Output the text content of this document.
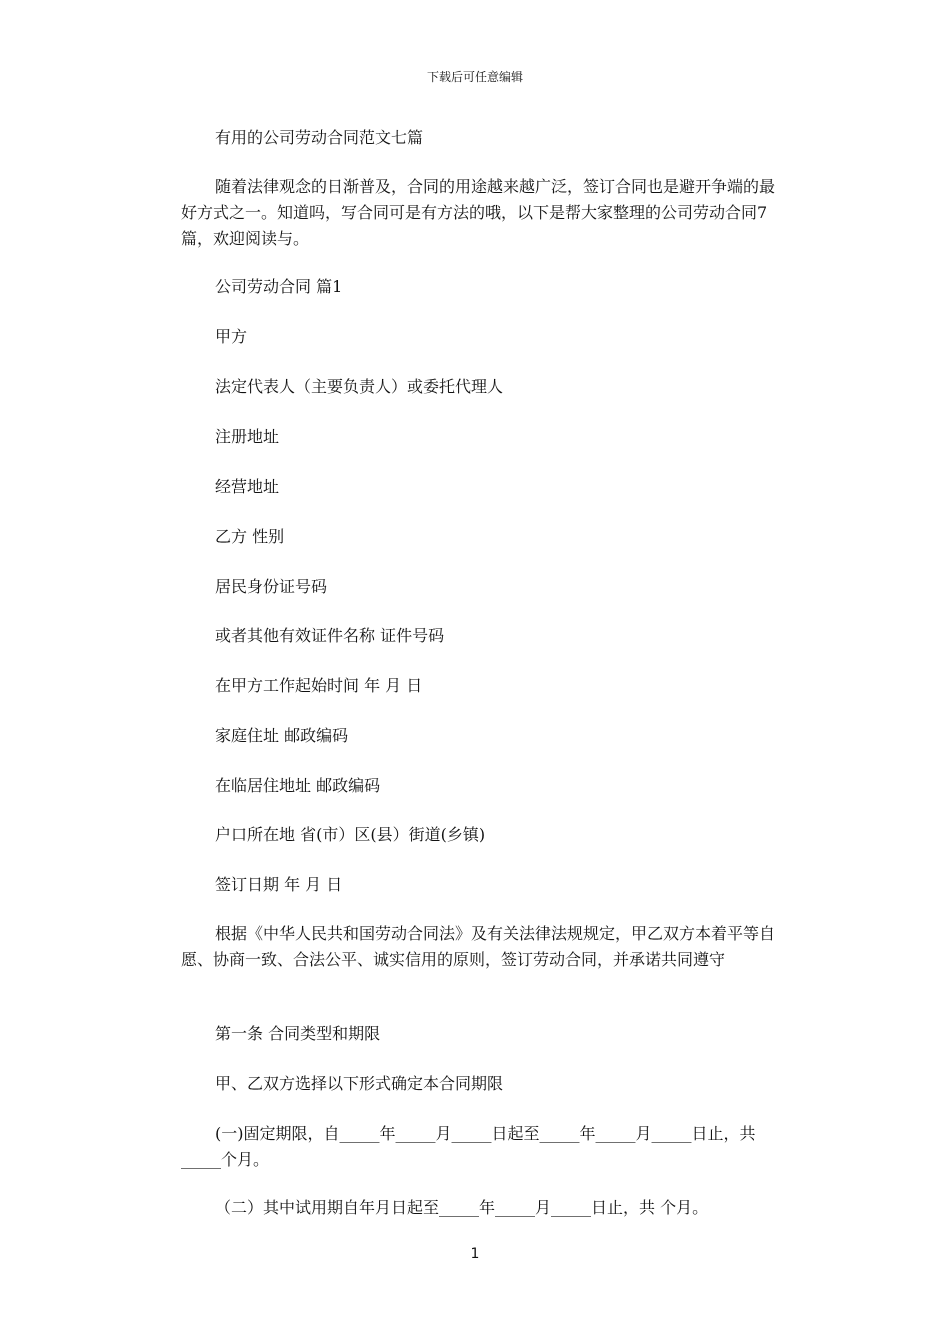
下载后可任意编辑
有用的公司劳动合同范文七篇
随着法律观念的日渐普及，合同的用途越来越广泛，签订合同也是避开争端的最好方式之一。知道吗，写合同可是有方法的哦，以下是帮大家整理的公司劳动合同7篇，欢迎阅读与。
公司劳动合同 篇1
甲方
法定代表人（主要负责人）或委托代理人
注册地址
经营地址
乙方 性别
居民身份证号码
或者其他有效证件名称 证件号码
在甲方工作起始时间 年 月 日
家庭住址 邮政编码
在临居住地址 邮政编码
户口所在地 省(市）区(县）街道(乡镇)
签订日期 年 月 日
根据《中华人民共和国劳动合同法》及有关法律法规规定，甲乙双方本着平等自愿、协商一致、合法公平、诚实信用的原则，签订劳动合同，并承诺共同遵守
第一条 合同类型和期限
甲、乙双方选择以下形式确定本合同期限
(一)固定期限，自_____年_____月_____日起至_____年_____月_____日止，共_____个月。
（二）其中试用期自年月日起至_____年_____月_____日止，共 个月。
1
